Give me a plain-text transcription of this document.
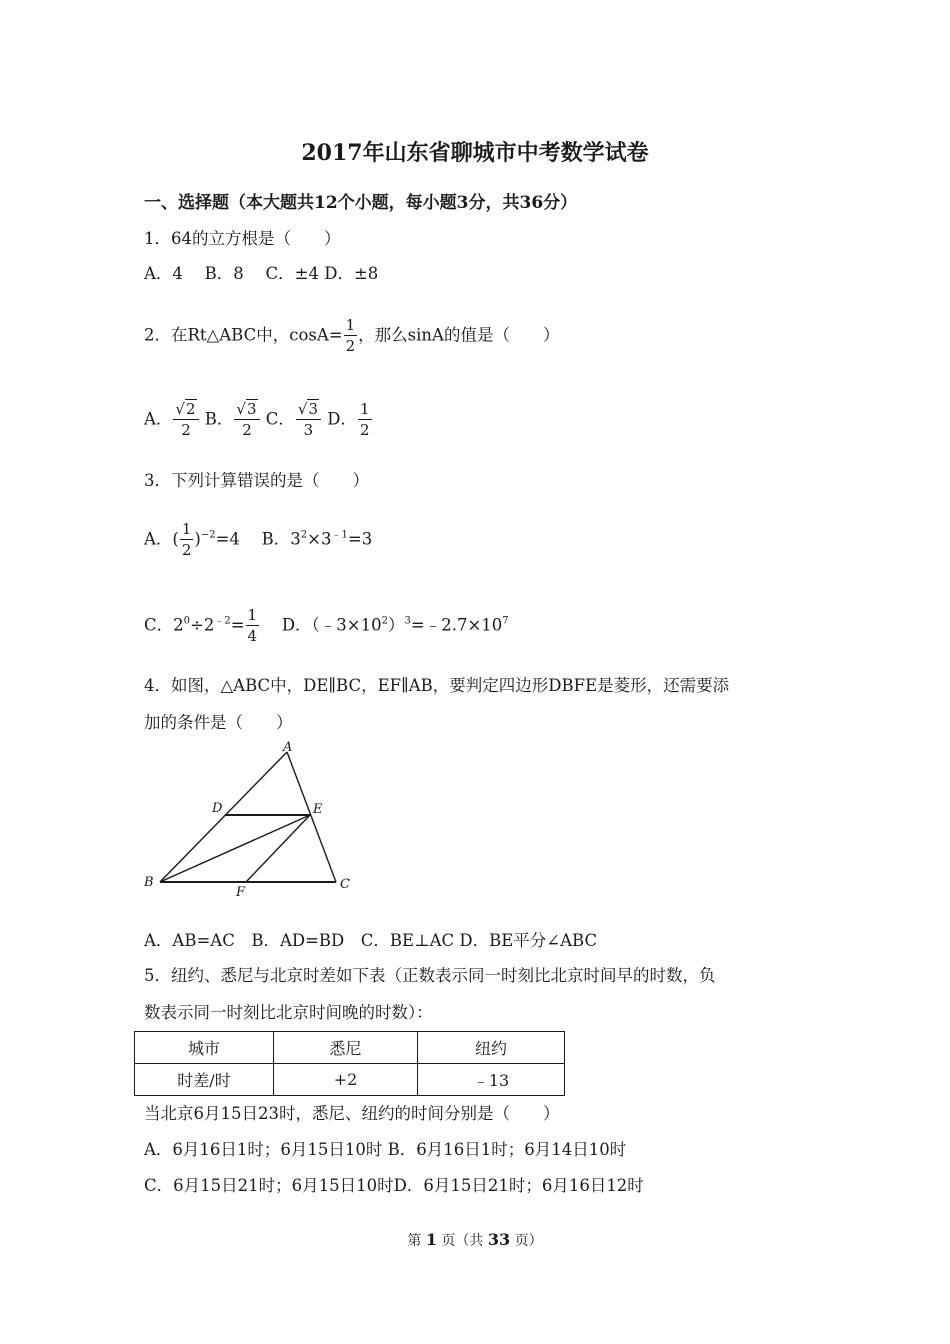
2017年山东省聊城市中考数学试卷
一、选择题（本大题共12个小题，每小题3分，共36分）
1．64的立方根是（　　）
A．4　 B．8　 C．±4 D．±8
2．在Rt△ABC中，$\cos A= \frac{1}{2}$ ，那么sinA的值是（　　）
A． $\frac{√2}{2}$ B． $\frac{√3}{2}$ C． $\frac{√3}{3}$ D． $\frac{1}{2}$
3．下列计算错误的是（　　）
A．( $\frac{1}{2} )^{-2}=4$　 B．$3^2\times 3^{﹣1}=3$
C．$2^0\div 2^{﹣2}= \frac{1}{4}$ 　 D．$(﹣3\times 10^2)^3=﹣2.7\times 10^7$
4．如图，△ABC中，DE∥BC，EF∥AB，要判定四边形DBFE是菱形，还需要添
加的条件是（　　）
A
D	E
B
F
C
A．AB=AC　B．AD=BD　C．BE⊥AC D．BE平分∠ABC
5．纽约、悉尼与北京时差如下表（正数表示同一时刻比北京时间早的时数，负
数表示同一时刻比北京时间晚的时数）：
城市	悉尼	纽约
时差/时	+2	﹣13
当北京6月15日23时，悉尼、纽约的时间分别是（　　）
A．6月16日1时；6月15日10时 B．6月16日1时；6月14日10时
C．6月15日21时；6月15日10时D．6月15日21时；6月16日12时
第 1 页（共 33 页）
